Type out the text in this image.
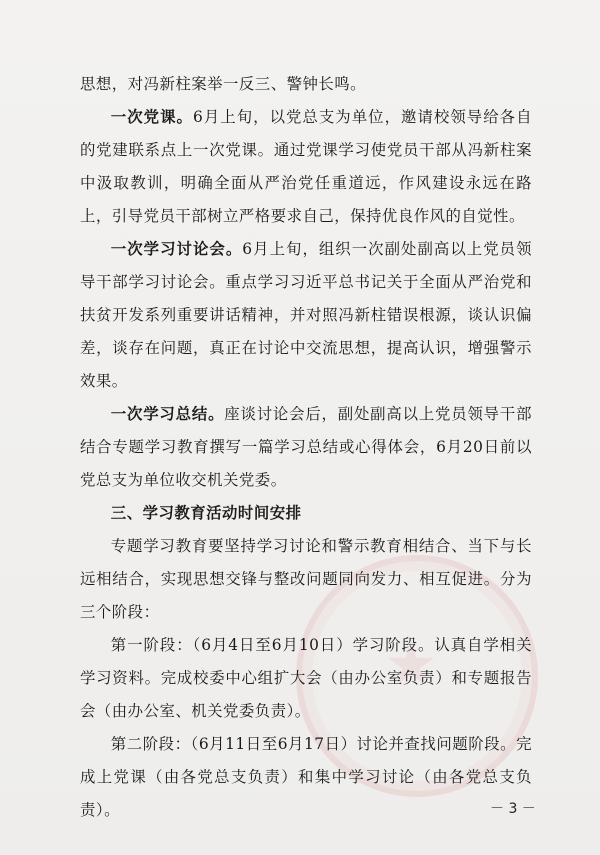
思想，对冯新柱案举一反三、警钟长鸣。

一次党课。6月上旬，以党总支为单位，邀请校领导给各自的党建联系点上一次党课。通过党课学习使党员干部从冯新柱案中汲取教训，明确全面从严治党任重道远，作风建设永远在路上，引导党员干部树立严格要求自己，保持优良作风的自觉性。

一次学习讨论会。6月上旬，组织一次副处副高以上党员领导干部学习讨论会。重点学习习近平总书记关于全面从严治党和扶贫开发系列重要讲话精神，并对照冯新柱错误根源，谈认识偏差，谈存在问题，真正在讨论中交流思想，提高认识，增强警示效果。

一次学习总结。座谈讨论会后，副处副高以上党员领导干部结合专题学习教育撰写一篇学习总结或心得体会，6月20日前以党总支为单位收交机关党委。

三、学习教育活动时间安排

专题学习教育要坚持学习讨论和警示教育相结合、当下与长远相结合，实现思想交锋与整改问题同向发力、相互促进。分为三个阶段：

第一阶段：（6月4日至6月10日）学习阶段。认真自学相关学习资料。完成校委中心组扩大会（由办公室负责）和专题报告会（由办公室、机关党委负责）。

第二阶段：（6月11日至6月17日）讨论并查找问题阶段。完成上党课（由各党总支负责）和集中学习讨论（由各党总支负责）。	－ 3 －
